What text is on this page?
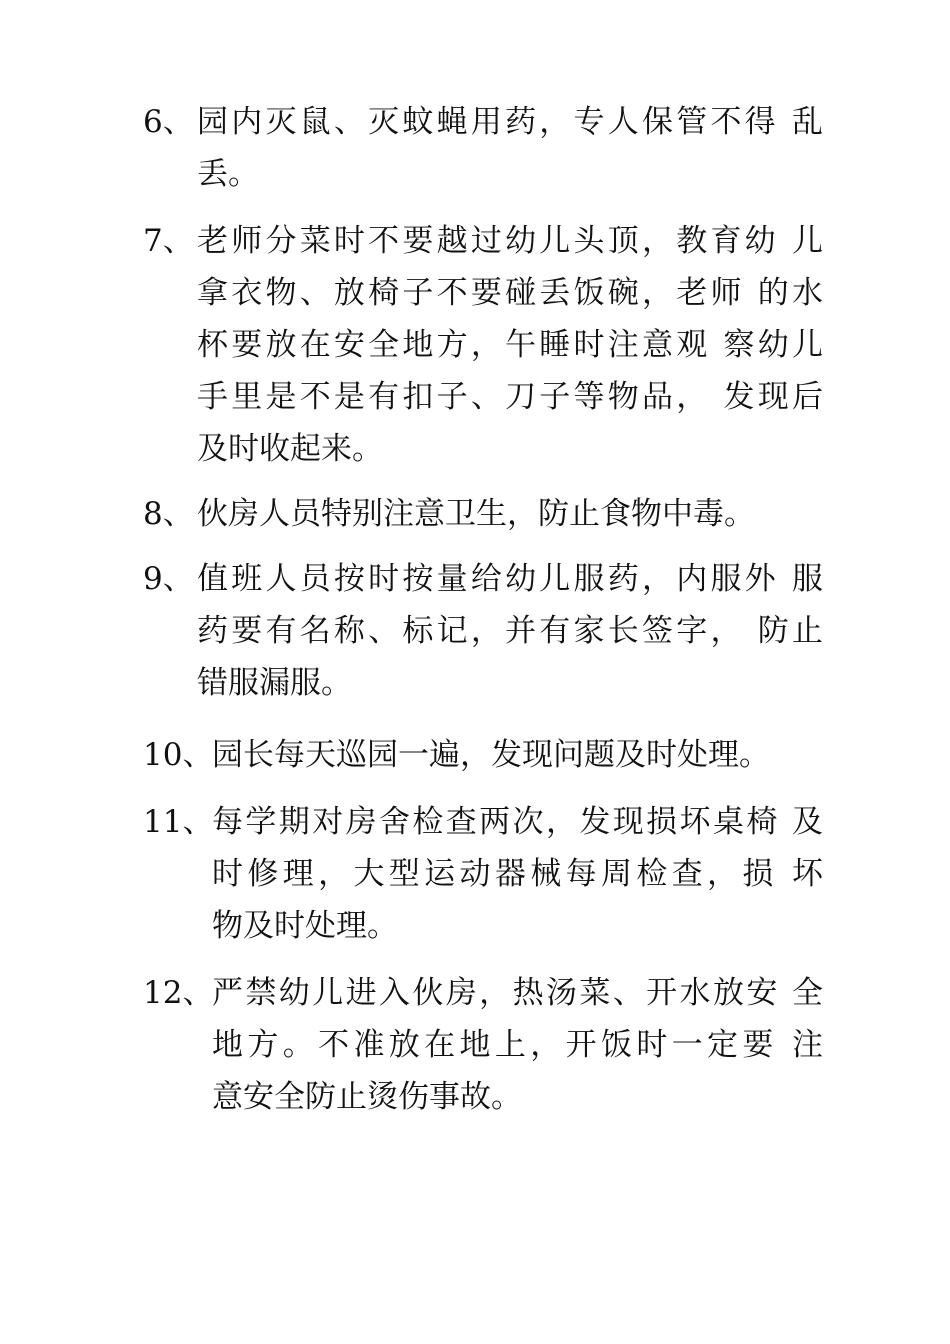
6、 园内灭鼠、灭蚊蝇用药，专人保管不得 乱
丢。
7、 老师分菜时不要越过幼儿头顶，教育幼 儿
拿衣物、放椅子不要碰丢饭碗，老师 的水
杯要放在安全地方，午睡时注意观 察幼儿
手里是不是有扣子、刀子等物品， 发现后
及时收起来。
8、 伙房人员特别注意卫生，防止食物中毒。
9、 值班人员按时按量给幼儿服药，内服外 服
药要有名称、标记，并有家长签字， 防止
错服漏服。
10、
园长每天巡园一遍，发现问题及时处理。
11、
每学期对房舍检查两次，发现损坏桌椅 及
时修理，大型运动器械每周检查，损 坏
物及时处理。
12、
严禁幼儿进入伙房，热汤菜、开水放安 全
地方。不准放在地上，开饭时一定要 注
意安全防止烫伤事故。
